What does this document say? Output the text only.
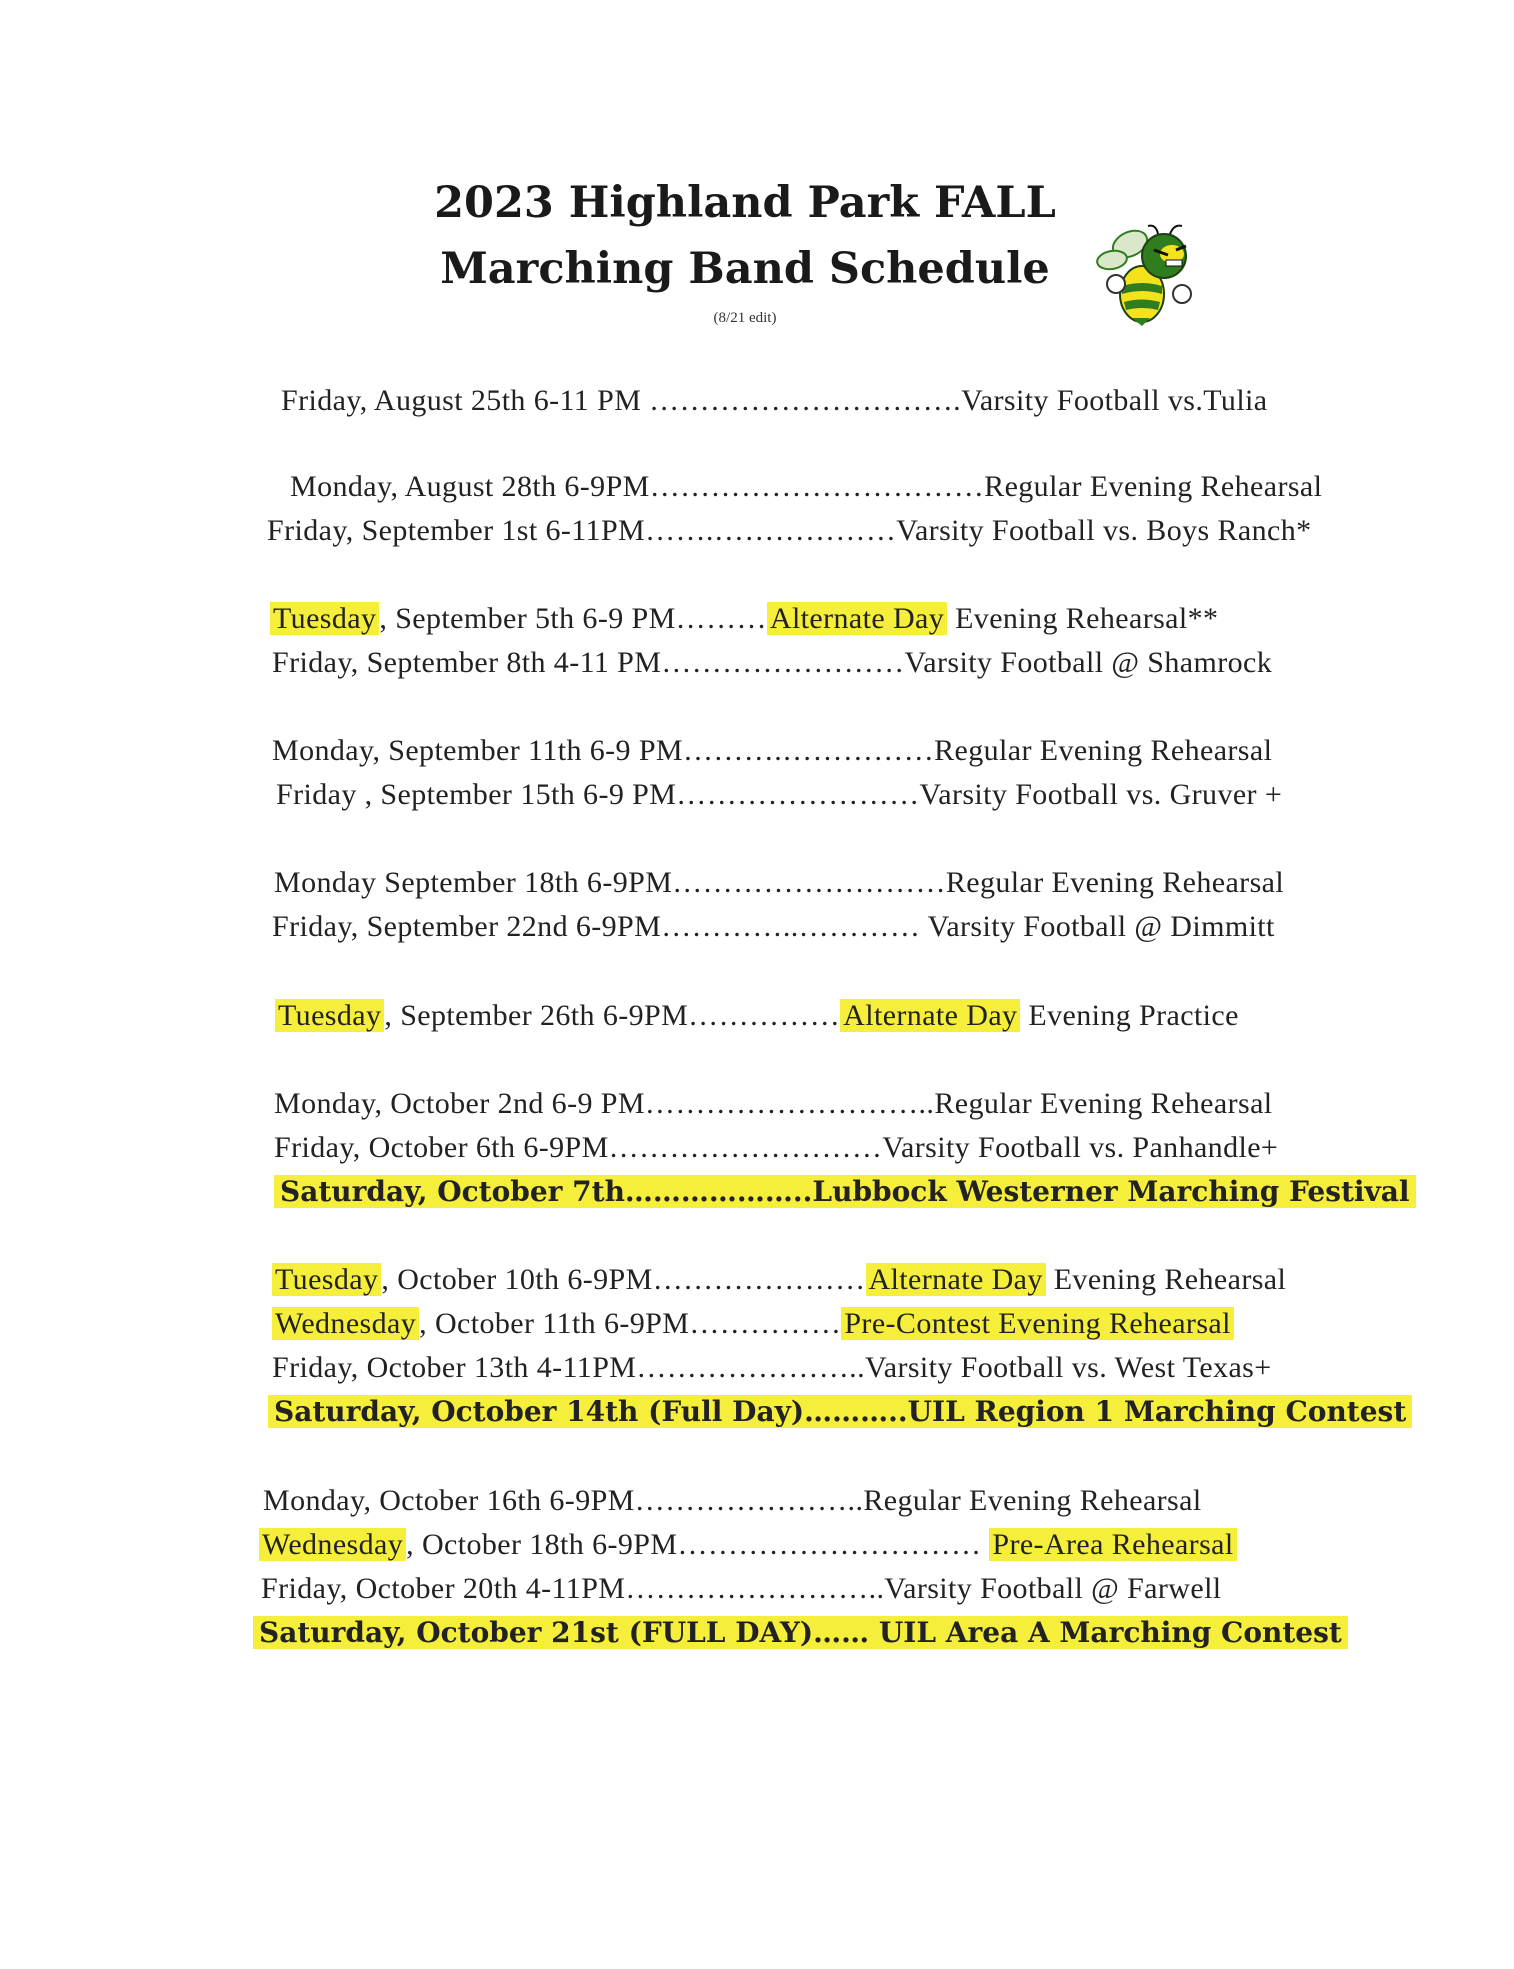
2023 Highland Park FALL
Marching Band Schedule
(8/21 edit)
Friday, August 25th 6-11 PM ………………………….Varsity Football vs.Tulia
Monday, August 28th 6-9PM……………………………Regular Evening Rehearsal
Friday, September 1st 6-11PM…….………………Varsity Football vs. Boys Ranch*
Tuesday , September 5th 6-9 PM……… Alternate Day Evening Rehearsal**
Friday, September 8th 4-11 PM……………………Varsity Football @ Shamrock
Monday, September 11th 6-9 PM……….……………Regular Evening Rehearsal
Friday , September 15th 6-9 PM……………………Varsity Football vs. Gruver +
Monday September 18th 6-9PM………………………Regular Evening Rehearsal
Friday, September 22nd 6-9PM…………..………… Varsity Football @ Dimmitt
Tuesday , September 26th 6-9PM…………… Alternate Day Evening Practice
Monday, October 2nd 6-9 PM………………………..Regular Evening Rehearsal
Friday, October 6th 6-9PM………………………Varsity Football vs. Panhandle+
Saturday, October 7th………………..Lubbock Westerner Marching Festival
Tuesday , October 10th 6-9PM………………… Alternate Day Evening Rehearsal
Wednesday , October 11th 6-9PM…………… Pre-Contest Evening Rehearsal
Friday, October 13th 4-11PM…………………..Varsity Football vs. West Texas+
Saturday, October 14th (Full Day)………..UIL Region 1 Marching Contest
Monday, October 16th 6-9PM…………………..Regular Evening Rehearsal
Wednesday , October 18th 6-9PM………………………… Pre-Area Rehearsal
Friday, October 20th 4-11PM……………………..Varsity Football @ Farwell
Saturday, October 21st (FULL DAY)…… UIL Area A Marching Contest
